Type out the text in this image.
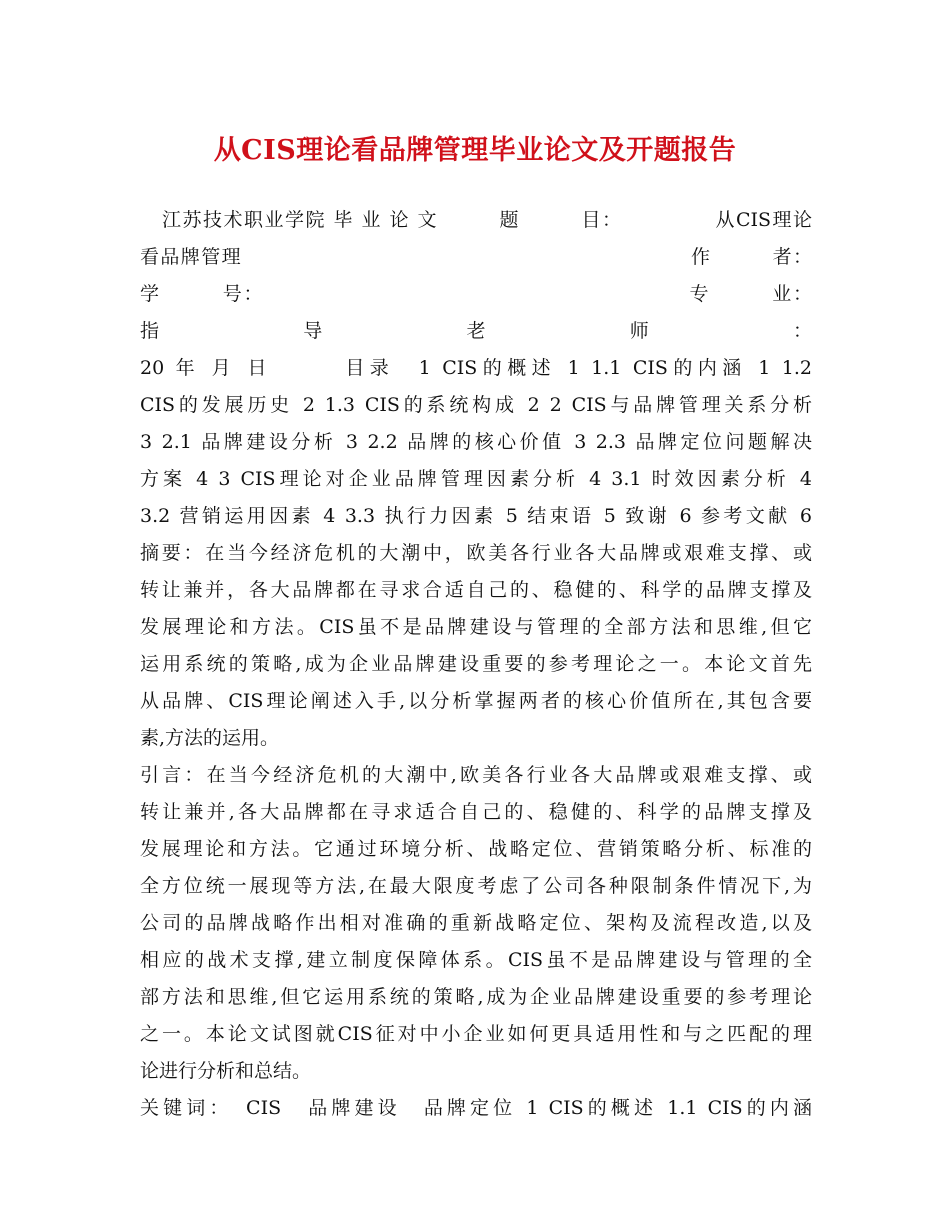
从CIS理论看品牌管理毕业论文及开题报告
江苏技术职业学院 毕 业 论 文　　　题　　　目：　　　　　从CIS理论
看品牌管理　　　　　　　　　　　　　　　　　　　　　　作　　　者：
学　　　号：　　　　　　　　　　　　　　　　　　　　　专　　　业：
指　　　　　导　　　　　老　　　　　师　　　　　：
20 年 月 日　　　目录　1 CIS的概述 1 1.1 CIS的内涵 1 1.2
CIS的发展历史 2 1.3 CIS的系统构成 2 2 CIS与品牌管理关系分析
3 2.1 品牌建设分析 3 2.2 品牌的核心价值 3 2.3 品牌定位问题解决
方案 4 3 CIS理论对企业品牌管理因素分析 4 3.1 时效因素分析 4
3.2 营销运用因素 4 3.3 执行力因素 5 结束语 5 致谢 6 参考文献 6
摘要：在当今经济危机的大潮中，欧美各行业各大品牌或艰难支撑、或
转让兼并，各大品牌都在寻求合适自己的、稳健的、科学的品牌支撑及
发展理论和方法。CIS虽不是品牌建设与管理的全部方法和思维,但它
运用系统的策略,成为企业品牌建设重要的参考理论之一。本论文首先
从品牌、CIS理论阐述入手,以分析掌握两者的核心价值所在,其包含要
素,方法的运用。
引言：在当今经济危机的大潮中,欧美各行业各大品牌或艰难支撑、或
转让兼并,各大品牌都在寻求适合自己的、稳健的、科学的品牌支撑及
发展理论和方法。它通过环境分析、战略定位、营销策略分析、标准的
全方位统一展现等方法,在最大限度考虑了公司各种限制条件情况下,为
公司的品牌战略作出相对准确的重新战略定位、架构及流程改造,以及
相应的战术支撑,建立制度保障体系。CIS虽不是品牌建设与管理的全
部方法和思维,但它运用系统的策略,成为企业品牌建设重要的参考理论
之一。本论文试图就CIS征对中小企业如何更具适用性和与之匹配的理
论进行分析和总结。
关键词：　CIS　品牌建设　品牌定位 1 CIS的概述 1.1 CIS的内涵
